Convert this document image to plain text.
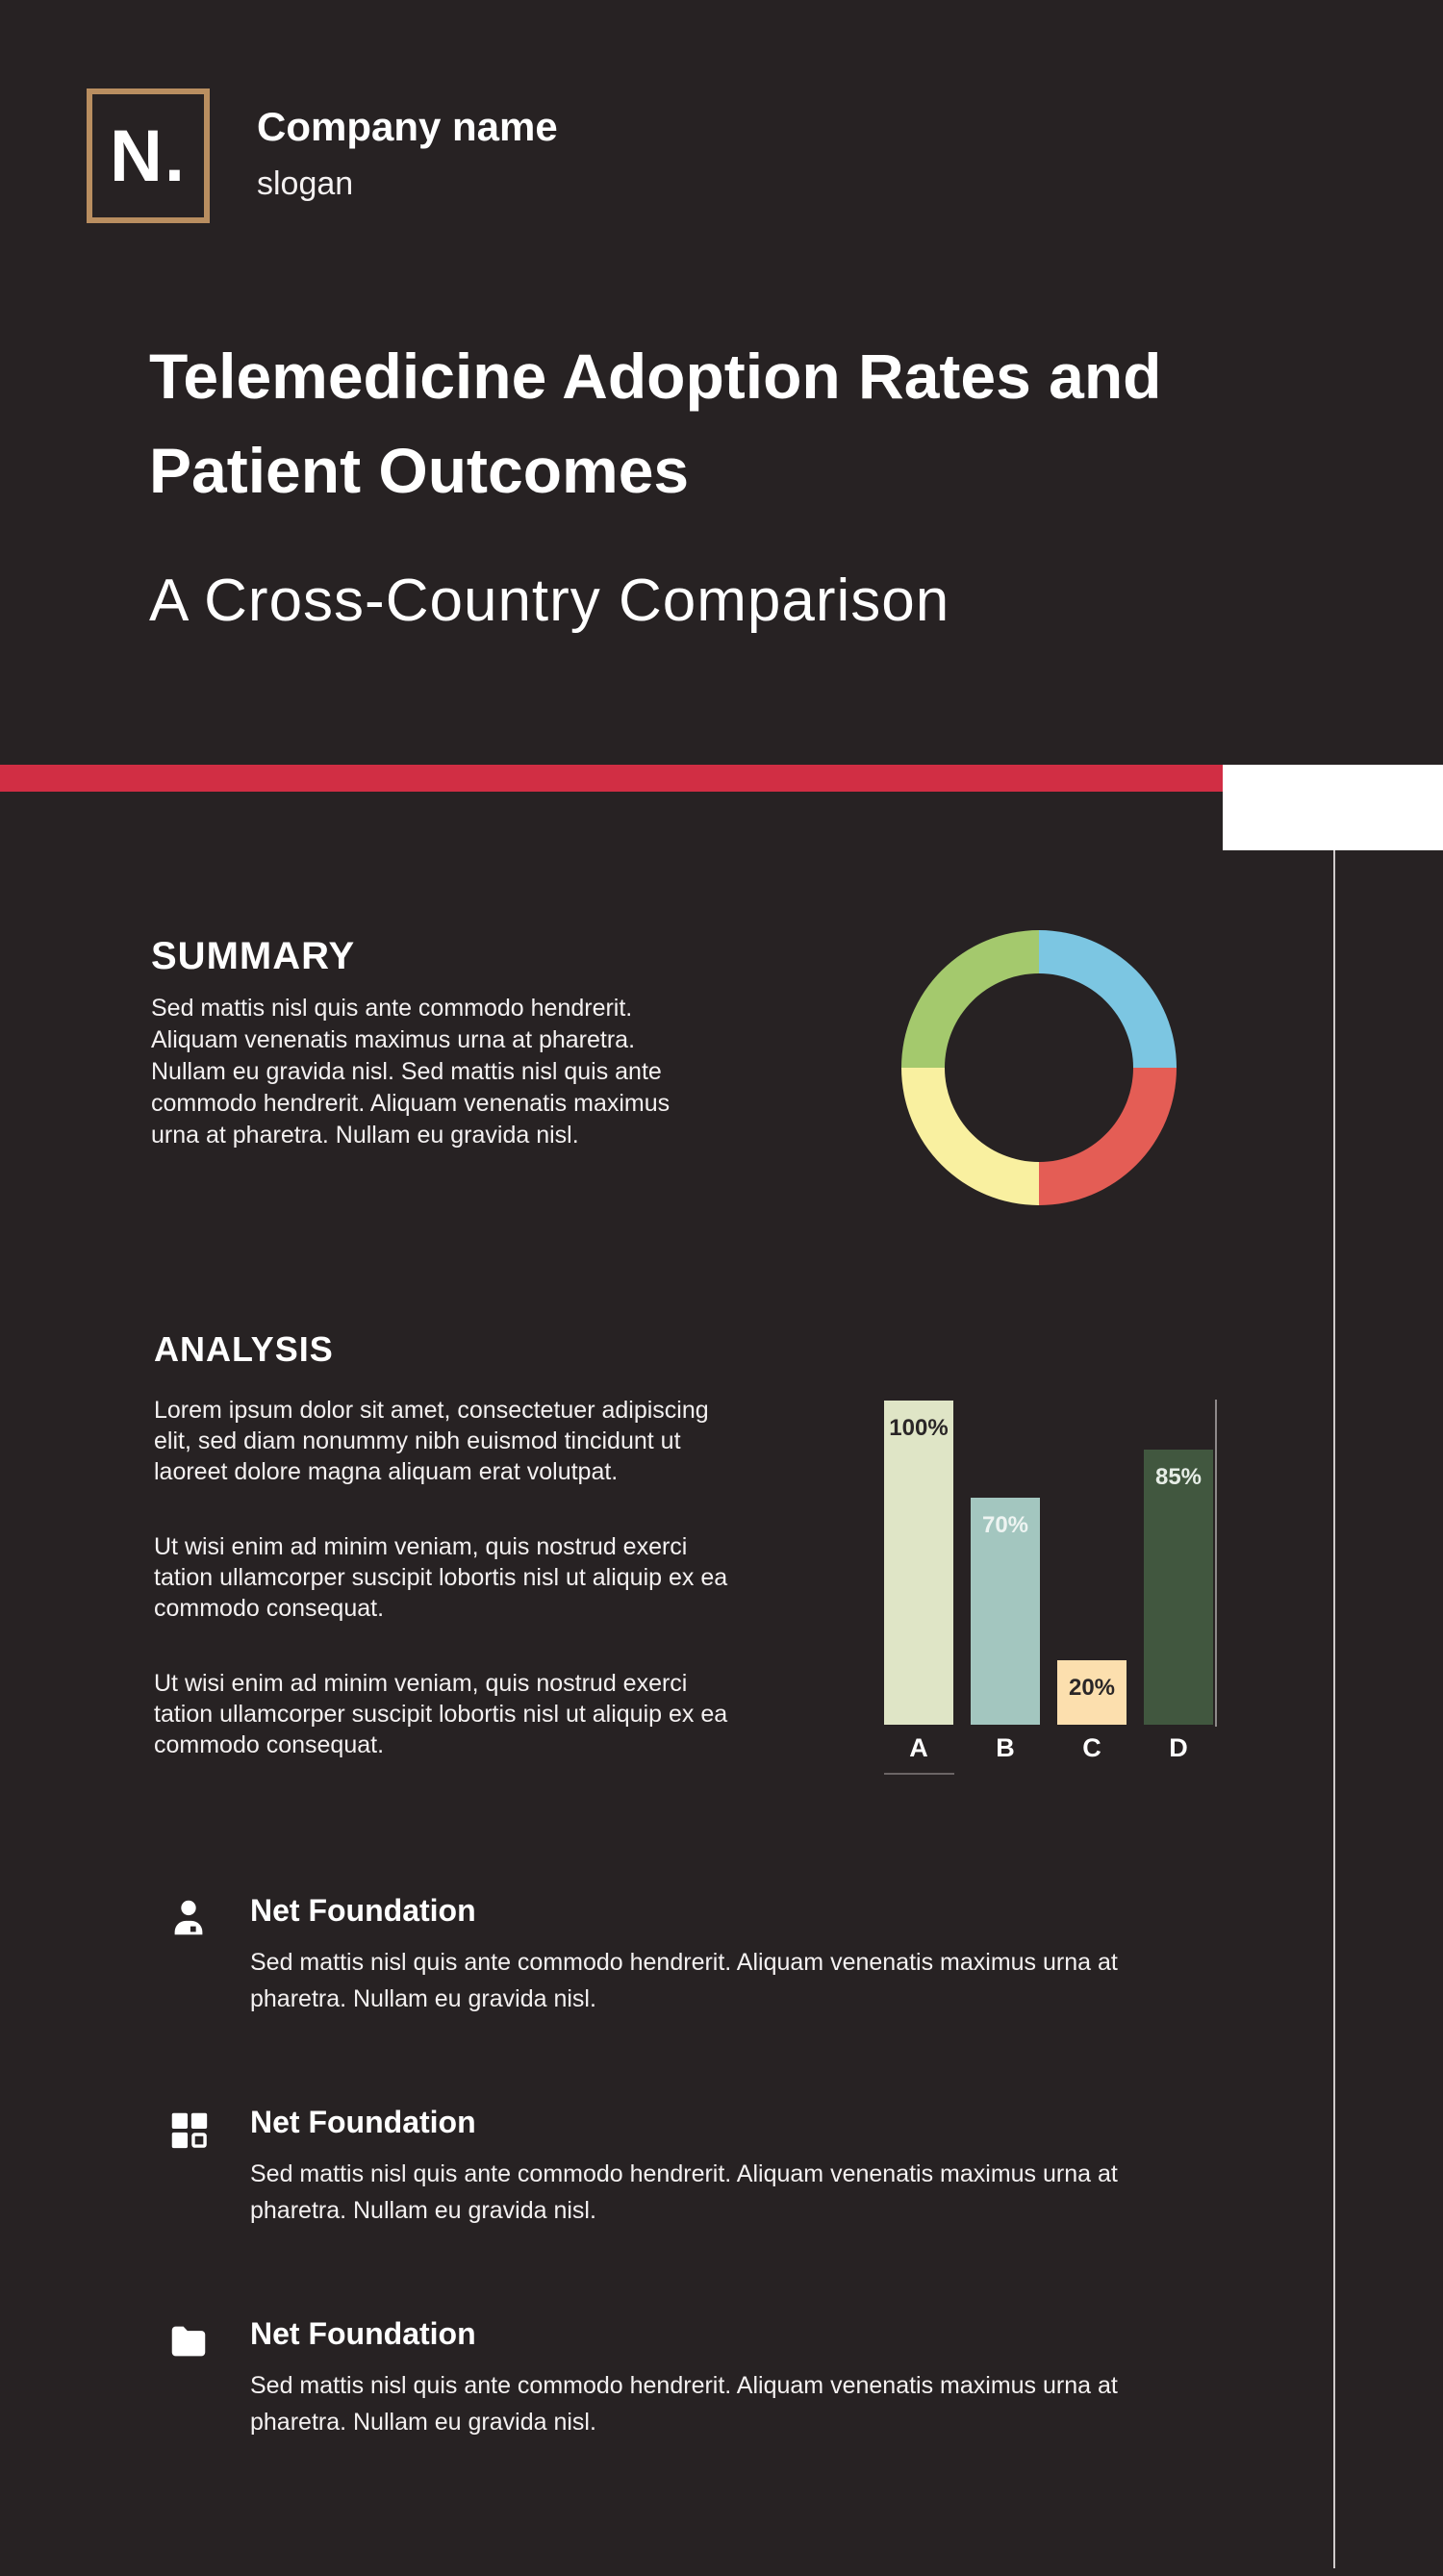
N. Company name
slogan
Telemedicine Adoption Rates and
Patient Outcomes
A Cross-Country Comparison
SUMMARY
Sed mattis nisl quis ante commodo hendrerit. Aliquam venenatis maximus urna at pharetra. Nullam eu gravida nisl. Sed mattis nisl quis ante commodo hendrerit. Aliquam venenatis maximus urna at pharetra. Nullam eu gravida nisl.
ANALYSIS

Lorem ipsum dolor sit amet, consectetuer adipiscing elit, sed diam nonummy nibh euismod tincidunt ut laoreet dolore magna aliquam erat volutpat.

Ut wisi enim ad minim veniam, quis nostrud exerci tation ullamcorper suscipit lobortis nisl ut aliquip ex ea commodo consequat.

Ut wisi enim ad minim veniam, quis nostrud exerci tation ullamcorper suscipit lobortis nisl ut aliquip ex ea commodo consequat.

100%
70%
20%
85%
A	B	C	D
Net Foundation

Sed mattis nisl quis ante commodo hendrerit. Aliquam venenatis maximus urna at pharetra. Nullam eu gravida nisl.

Net Foundation

Sed mattis nisl quis ante commodo hendrerit. Aliquam venenatis maximus urna at pharetra. Nullam eu gravida nisl.

Net Foundation

Sed mattis nisl quis ante commodo hendrerit. Aliquam venenatis maximus urna at pharetra. Nullam eu gravida nisl.
